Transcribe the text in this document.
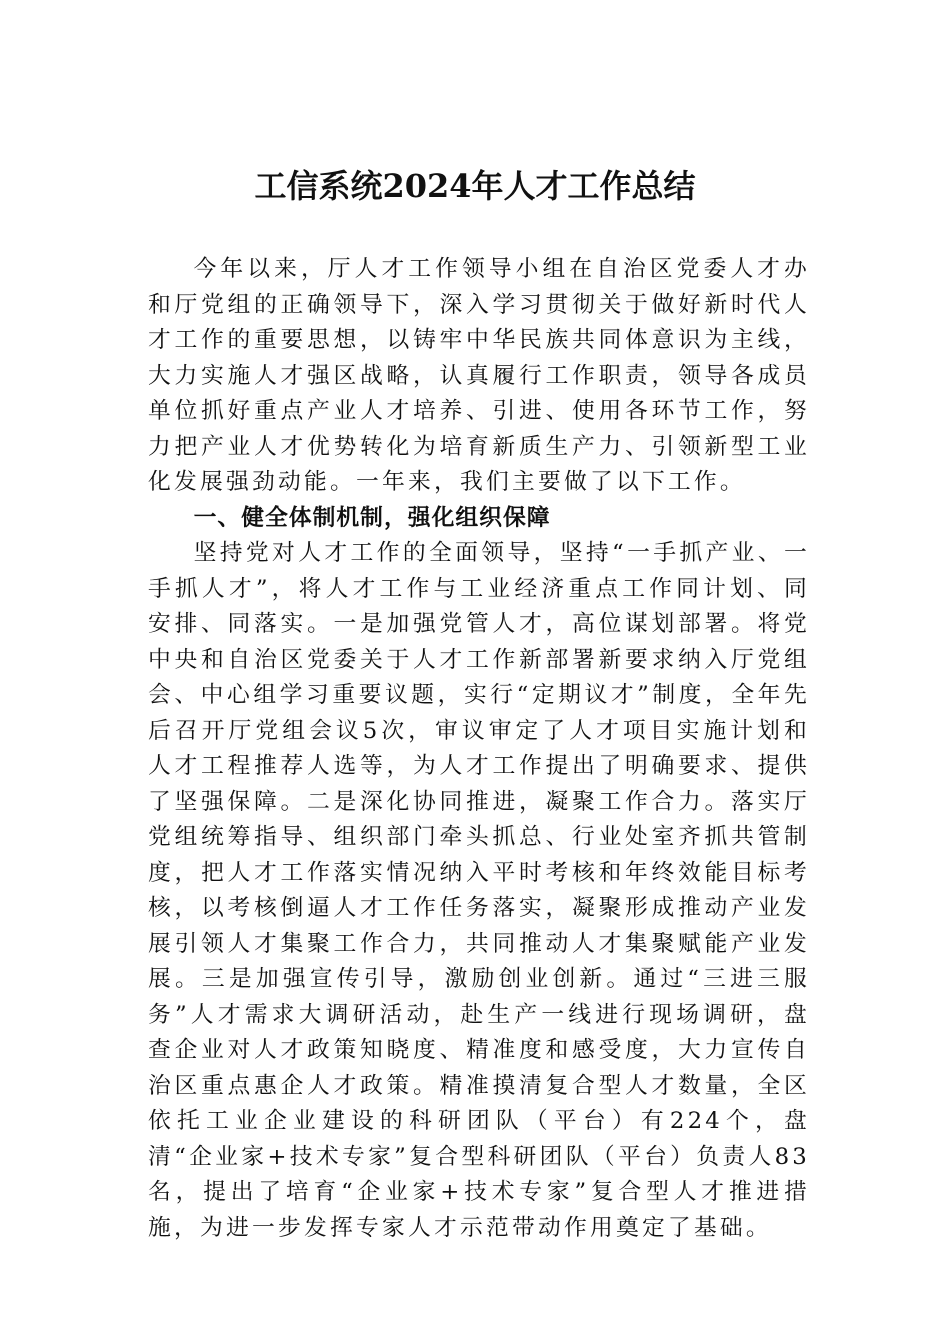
工信系统2024年人才工作总结

今年以来，厅人才工作领导小组在自治区党委人才办和厅党组的正确领导下，深入学习贯彻关于做好新时代人才工作的重要思想，以铸牢中华民族共同体意识为主线，大力实施人才强区战略，认真履行工作职责，领导各成员单位抓好重点产业人才培养、引进、使用各环节工作，努力把产业人才优势转化为培育新质生产力、引领新型工业化发展强劲动能。一年来，我们主要做了以下工作。

一、健全体制机制，强化组织保障

坚持党对人才工作的全面领导，坚持“一手抓产业、一手抓人才”，将人才工作与工业经济重点工作同计划、同安排、同落实。一是加强党管人才，高位谋划部署。将党中央和自治区党委关于人才工作新部署新要求纳入厅党组会、中心组学习重要议题，实行“定期议才”制度，全年先后召开厅党组会议5次，审议审定了人才项目实施计划和人才工程推荐人选等，为人才工作提出了明确要求、提供了坚强保障。二是深化协同推进，凝聚工作合力。落实厅党组统筹指导、组织部门牵头抓总、行业处室齐抓共管制度，把人才工作落实情况纳入平时考核和年终效能目标考核，以考核倒逼人才工作任务落实，凝聚形成推动产业发展引领人才集聚工作合力，共同推动人才集聚赋能产业发展。三是加强宣传引导，激励创业创新。通过“三进三服务”人才需求大调研活动，赴生产一线进行现场调研，盘查企业对人才政策知晓度、精准度和感受度，大力宣传自治区重点惠企人才政策。精准摸清复合型人才数量，全区依托工业企业建设的科研团队（平台）有224个，盘清“企业家+技术专家”复合型科研团队（平台）负责人83名，提出了培育“企业家+技术专家”复合型人才推进措施，为进一步发挥专家人才示范带动作用奠定了基础。
